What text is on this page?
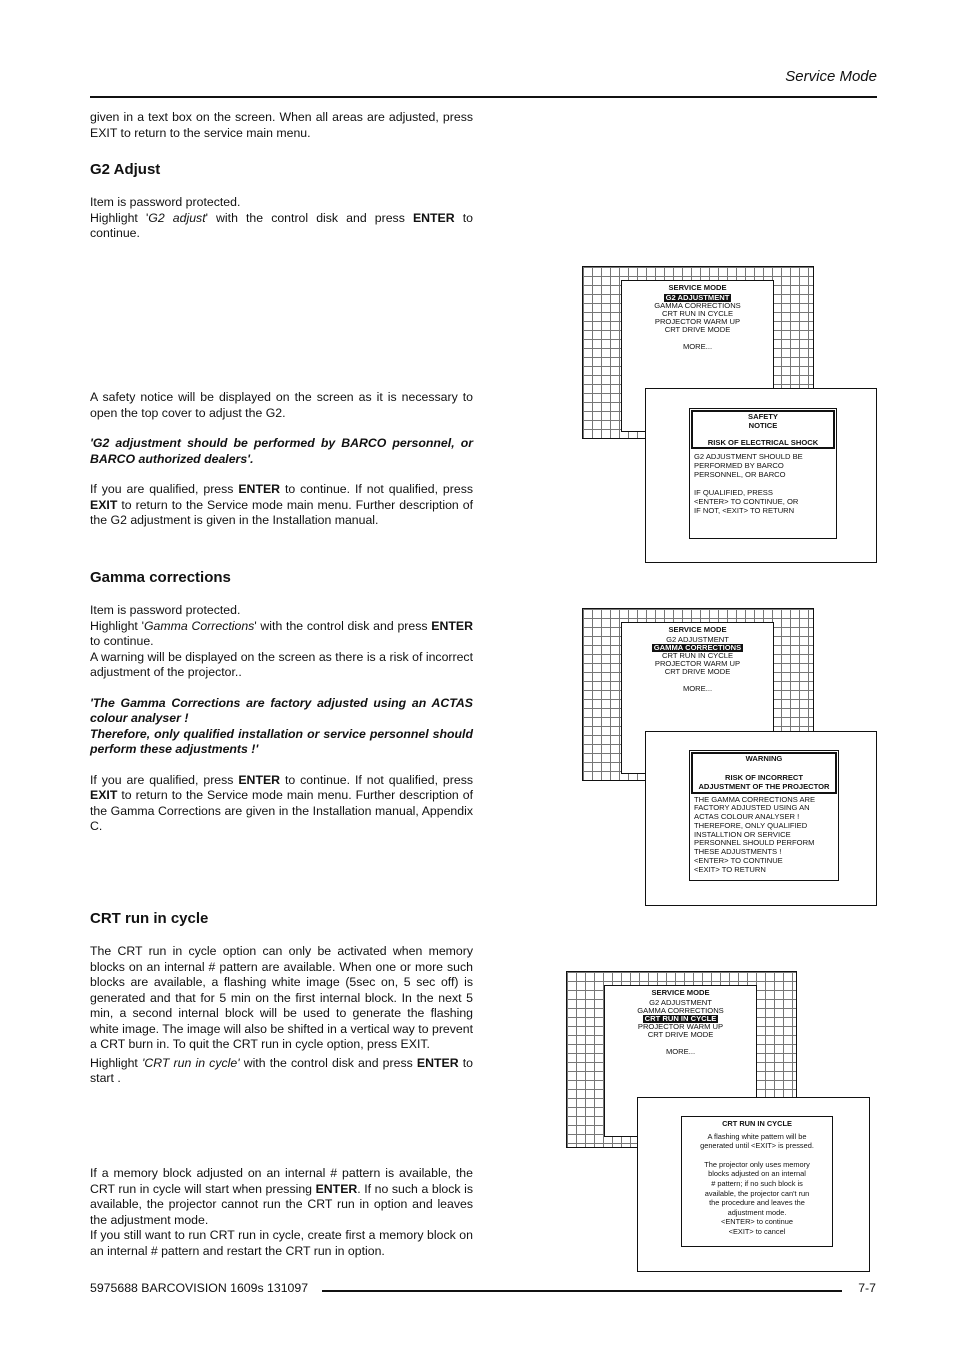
Service Mode

given in a text box on the screen. When all areas are adjusted, press EXIT to return to the service main menu.

G2 Adjust

Item is password protected.

Highlight 'G2 adjust' with the control disk and press ENTER to continue.

A safety notice will be displayed on the screen as it is necessary to open the top cover to adjust the G2.

'G2 adjustment should be performed by BARCO personnel, or BARCO authorized dealers'.

If you are qualified, press ENTER to continue. If not qualified, press EXIT to return to the Service mode main menu. Further description of the G2 adjustment is given in the Installation manual.

Gamma corrections

Item is password protected.

Highlight 'Gamma Corrections' with the control disk and press ENTER to continue.

A warning will be displayed on the screen as there is a risk of incorrect adjustment of the projector..

'The Gamma Corrections are factory adjusted using an ACTAS colour analyser !

Therefore, only qualified installation or service personnel should perform these adjustments !'

If you are qualified, press ENTER to continue. If not qualified, press EXIT to return to the Service mode main menu. Further description of the Gamma Corrections are given in the Installation manual, Appendix C.

CRT run in cycle

The CRT run in cycle option can only be activated when memory blocks on an internal # pattern are available. When one or more such blocks are available, a flashing white image (5sec on, 5 sec off) is generated and that for 5 min on the first internal block. In the next 5 min, a second internal block will be used to generate the flashing white image. The image will also be shifted in a vertical way to prevent a CRT burn in. To quit the CRT run in cycle option, press EXIT.

Highlight 'CRT run in cycle' with the control disk and press ENTER to start .

If a memory block adjusted on an internal # pattern is available, the CRT run in cycle will start when pressing ENTER. If no such a block is available, the projector cannot run the CRT run in option and leaves the adjustment mode.

If you still want to run CRT run in cycle, create first a memory block on an internal # pattern and restart the CRT run in option.

SERVICE MODE
G2 ADJUSTMENT
GAMMA CORRECTIONS
CRT RUN IN CYCLE
PROJECTOR WARM UP
CRT DRIVE MODE
MORE...
SAFETY
NOTICE
RISK OF ELECTRICAL SHOCK
G2 ADJUSTMENT SHOULD BE
PERFORMED BY BARCO
PERSONNEL, OR BARCO
IF QUALIFIED, PRESS
<ENTER> TO CONTINUE, OR
IF NOT, <EXIT> TO RETURN
SERVICE MODE
G2 ADJUSTMENT
GAMMA CORRECTIONS
CRT RUN IN CYCLE
PROJECTOR WARM UP
CRT DRIVE MODE
MORE...
WARNING
RISK OF INCORRECT
ADJUSTMENT OF THE PROJECTOR
THE GAMMA CORRECTIONS ARE
FACTORY ADJUSTED USING AN
ACTAS COLOUR ANALYSER !
THEREFORE, ONLY QUALIFIED
INSTALLTION OR SERVICE
PERSONNEL SHOULD PERFORM
THESE ADJUSTMENTS !
<ENTER> TO CONTINUE
<EXIT> TO RETURN
SERVICE MODE
G2 ADJUSTMENT
GAMMA CORRECTIONS
CRT RUN IN CYCLE
PROJECTOR WARM UP
CRT DRIVE MODE
MORE...
CRT RUN IN CYCLE
A flashing white pattern will be
generated until <EXIT> is pressed.
The projector only uses memory
blocks adjusted on an internal
# pattern; if no such block is
available, the projector can't run
the procedure and leaves the
adjustment mode.
<ENTER> to continue
<EXIT> to cancel
5975688 BARCOVISION 1609s 131097	7-7
